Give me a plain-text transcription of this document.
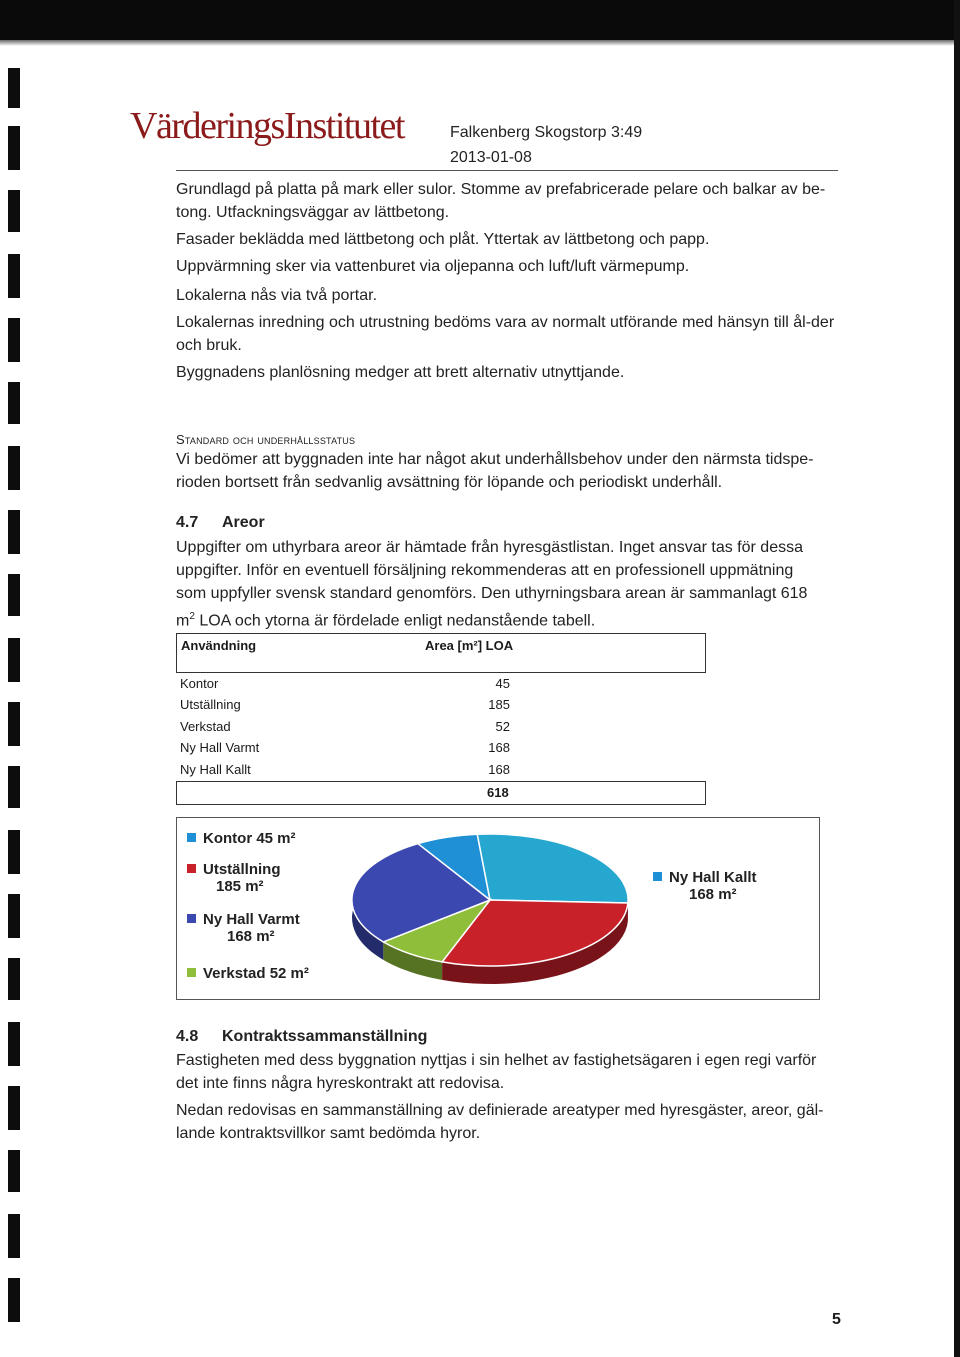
VärderingsInstitutet	Falkenberg Skogstorp 3:49
2013-01-08
Grundlagd på platta på mark eller sulor. Stomme av prefabricerade pelare och balkar av be-tong. Utfackningsväggar av lättbetong.
Fasader beklädda med lättbetong och plåt. Yttertak av lättbetong och papp.
Uppvärmning sker via vattenburet via oljepanna och luft/luft värmepump.
Lokalerna nås via två portar.
Lokalernas inredning och utrustning bedöms vara av normalt utförande med hänsyn till ål-der och bruk.
Byggnadens planlösning medger att brett alternativ utnyttjande.
Standard och underhållsstatus
Vi bedömer att byggnaden inte har något akut underhållsbehov under den närmsta tidspe-rioden bortsett från sedvanlig avsättning för löpande och periodiskt underhåll.
4.7 Areor
Uppgifter om uthyrbara areor är hämtade från hyresgästlistan. Inget ansvar tas för dessa uppgifter. Inför en eventuell försäljning rekommenderas att en professionell uppmätning som uppfyller svensk standard genomförs. Den uthyrningsbara arean är sammanlagt 618 $m^2$ LOA och ytorna är fördelade enligt nedanstående tabell.
Användning	Area [m²] LOA
Kontor	45
Utställning	185
Verkstad	52
Ny Hall Varmt	168
Ny Hall Kallt	168
618
Kontor 45 m²
Utställning
185 m²
Ny Hall Varmt
168 m²
Verkstad 52 m²
Ny Hall Kallt
168 m²
4.8 Kontraktssammanställning
Fastigheten med dess byggnation nyttjas i sin helhet av fastighetsägaren i egen regi varför det inte finns några hyreskontrakt att redovisa.
Nedan redovisas en sammanställning av definierade areatyper med hyresgäster, areor, gäl-lande kontraktsvillkor samt bedömda hyror.
5
